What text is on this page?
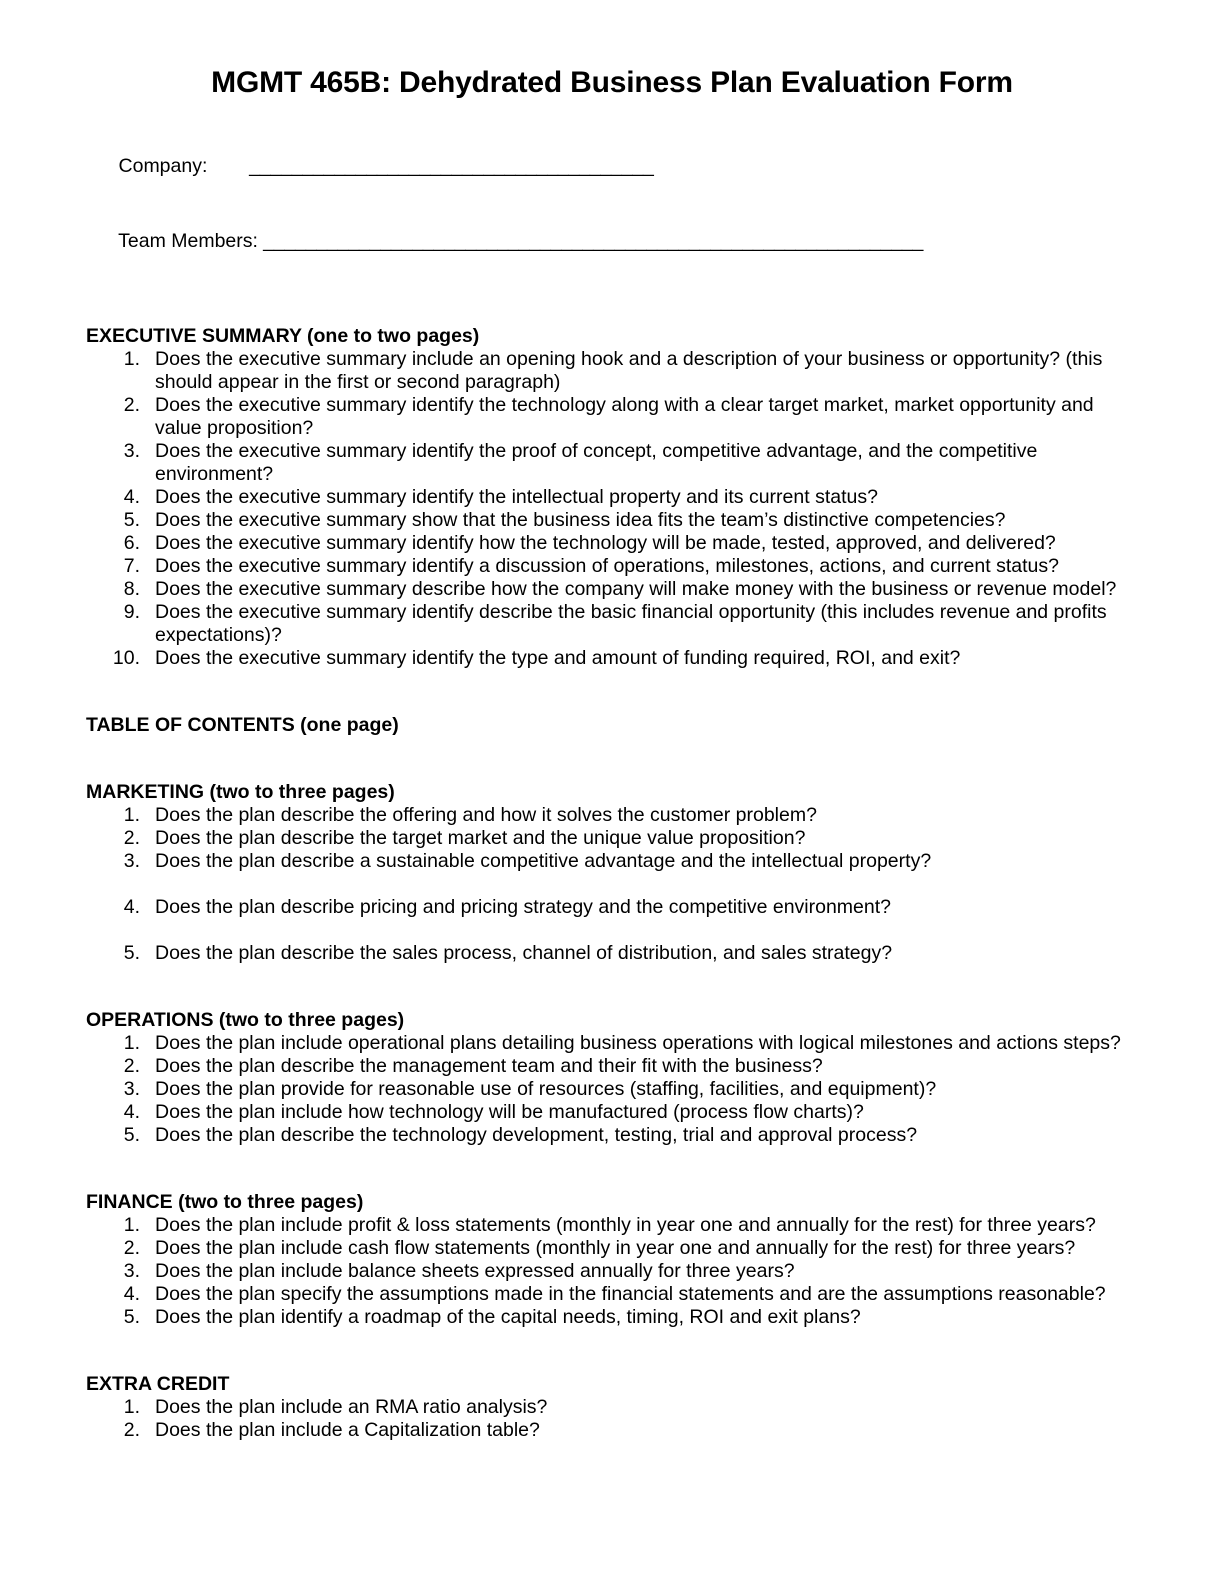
MGMT 465B: Dehydrated Business Plan Evaluation Form

Company:        ______________________________________

Team Members: ______________________________________________________________

EXECUTIVE SUMMARY (one to two pages)
1. Does the executive summary include an opening hook and a description of your business or opportunity? (this should appear in the first or second paragraph)
2. Does the executive summary identify the technology along with a clear target market, market opportunity and value proposition?
3. Does the executive summary identify the proof of concept, competitive advantage, and the competitive environment?
4. Does the executive summary identify the intellectual property and its current status?
5. Does the executive summary show that the business idea fits the team’s distinctive competencies?
6. Does the executive summary identify how the technology will be made, tested, approved, and delivered?
7. Does the executive summary identify a discussion of operations, milestones, actions, and current status?
8. Does the executive summary describe how the company will make money with the business or revenue model?
9. Does the executive summary identify describe the basic financial opportunity (this includes revenue and profits expectations)?
10. Does the executive summary identify the type and amount of funding required, ROI, and exit?
TABLE OF CONTENTS (one page)
MARKETING (two to three pages)
1. Does the plan describe the offering and how it solves the customer problem?
2. Does the plan describe the target market and the unique value proposition?
3. Does the plan describe a sustainable competitive advantage and the intellectual property?
4. Does the plan describe pricing and pricing strategy and the competitive environment?
5. Does the plan describe the sales process, channel of distribution, and sales strategy?
OPERATIONS (two to three pages)
1. Does the plan include operational plans detailing business operations with logical milestones and actions steps?
2. Does the plan describe the management team and their fit with the business?
3. Does the plan provide for reasonable use of resources (staffing, facilities, and equipment)?
4. Does the plan include how technology will be manufactured (process flow charts)?
5. Does the plan describe the technology development, testing, trial and approval process?
FINANCE (two to three pages)
1. Does the plan include profit & loss statements (monthly in year one and annually for the rest) for three years?
2. Does the plan include cash flow statements (monthly in year one and annually for the rest) for three years?
3. Does the plan include balance sheets expressed annually for three years?
4. Does the plan specify the assumptions made in the financial statements and are the assumptions reasonable?
5. Does the plan identify a roadmap of the capital needs, timing, ROI and exit plans?
EXTRA CREDIT
1. Does the plan include an RMA ratio analysis?
2. Does the plan include a Capitalization table?
